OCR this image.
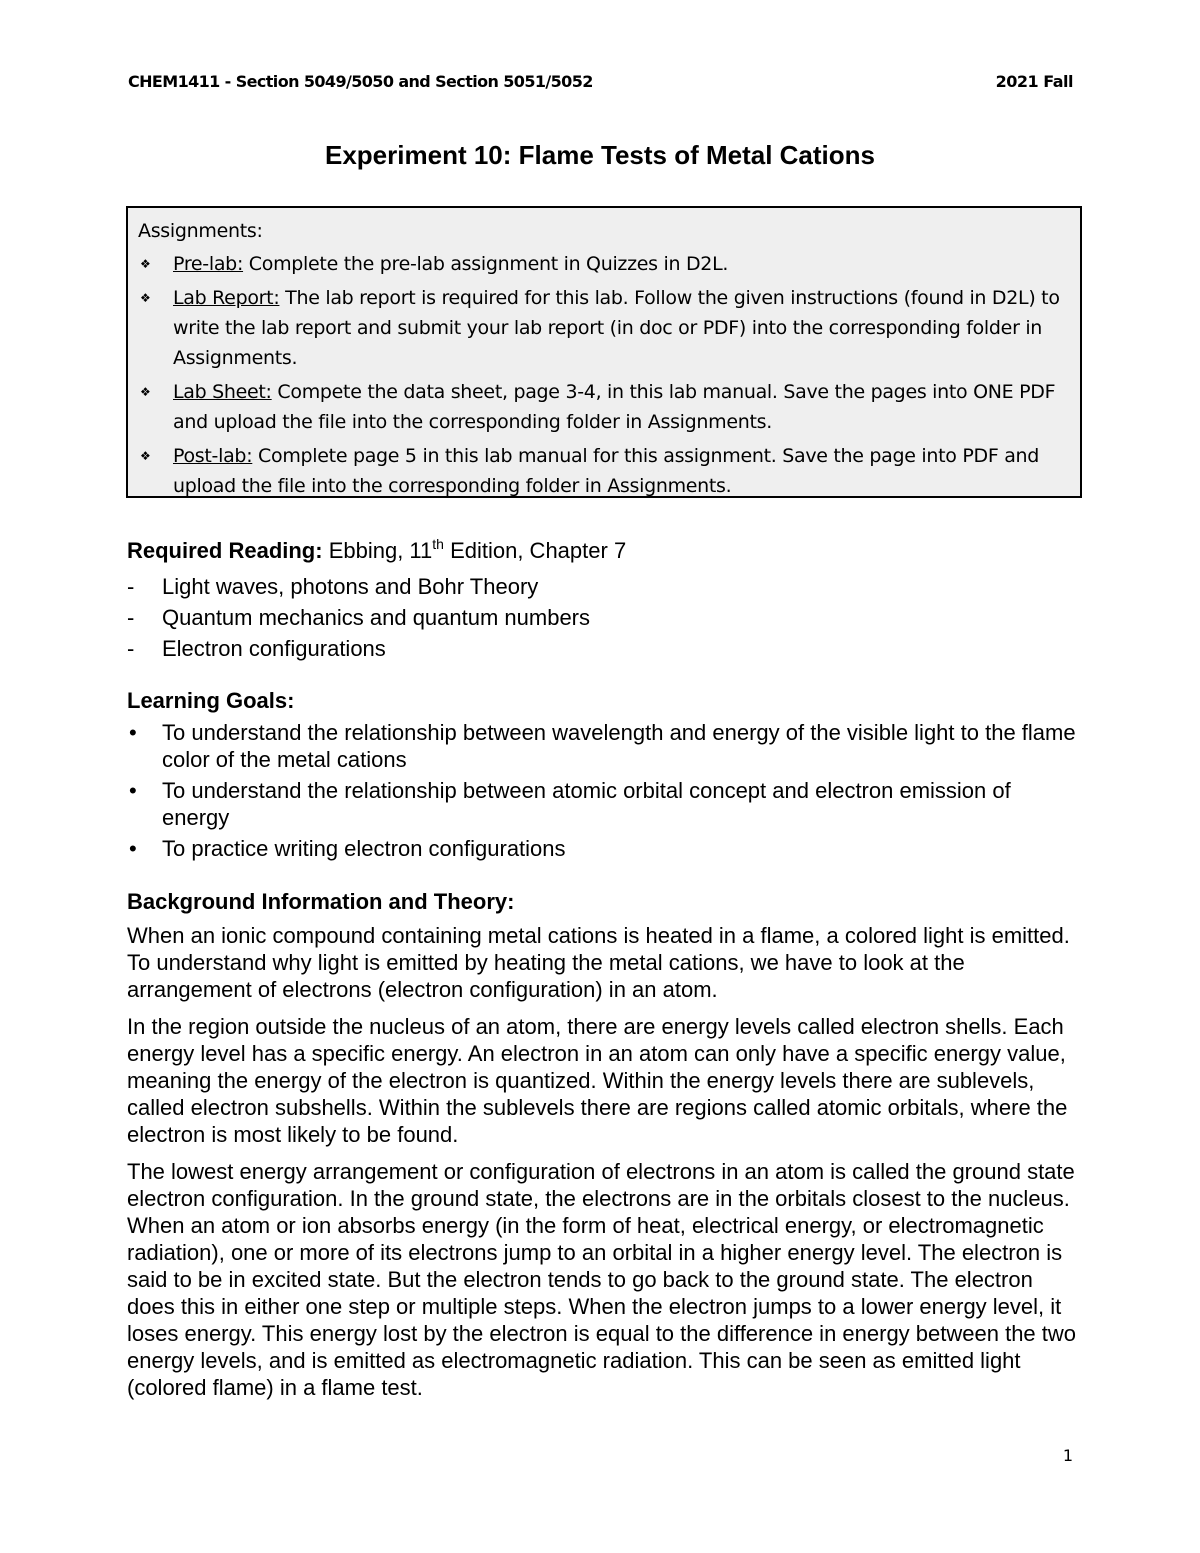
CHEM1411 - Section 5049/5050 and Section 5051/5052	2021 Fall
Experiment 10: Flame Tests of Metal Cations
Assignments:
❖ Pre-lab: Complete the pre-lab assignment in Quizzes in D2L.
❖ Lab Report: The lab report is required for this lab. Follow the given instructions (found in D2L) to write the lab report and submit your lab report (in doc or PDF) into the corresponding folder in Assignments.
❖ Lab Sheet: Compete the data sheet, page 3-4, in this lab manual. Save the pages into ONE PDF and upload the file into the corresponding folder in Assignments.
❖ Post-lab: Complete page 5 in this lab manual for this assignment. Save the page into PDF and upload the file into the corresponding folder in Assignments.
Required Reading: Ebbing, 11th Edition, Chapter 7
- Light waves, photons and Bohr Theory
- Quantum mechanics and quantum numbers
- Electron configurations
Learning Goals:
• To understand the relationship between wavelength and energy of the visible light to the flame color of the metal cations
• To understand the relationship between atomic orbital concept and electron emission of energy
• To practice writing electron configurations
Background Information and Theory:

When an ionic compound containing metal cations is heated in a flame, a colored light is emitted. To understand why light is emitted by heating the metal cations, we have to look at the arrangement of electrons (electron configuration) in an atom.

In the region outside the nucleus of an atom, there are energy levels called electron shells. Each energy level has a specific energy. An electron in an atom can only have a specific energy value, meaning the energy of the electron is quantized. Within the energy levels there are sublevels, called electron subshells. Within the sublevels there are regions called atomic orbitals, where the electron is most likely to be found.

The lowest energy arrangement or configuration of electrons in an atom is called the ground state electron configuration. In the ground state, the electrons are in the orbitals closest to the nucleus. When an atom or ion absorbs energy (in the form of heat, electrical energy, or electromagnetic radiation), one or more of its electrons jump to an orbital in a higher energy level. The electron is said to be in excited state. But the electron tends to go back to the ground state. The electron does this in either one step or multiple steps. When the electron jumps to a lower energy level, it loses energy. This energy lost by the electron is equal to the difference in energy between the two energy levels, and is emitted as electromagnetic radiation. This can be seen as emitted light (colored flame) in a flame test.

1
